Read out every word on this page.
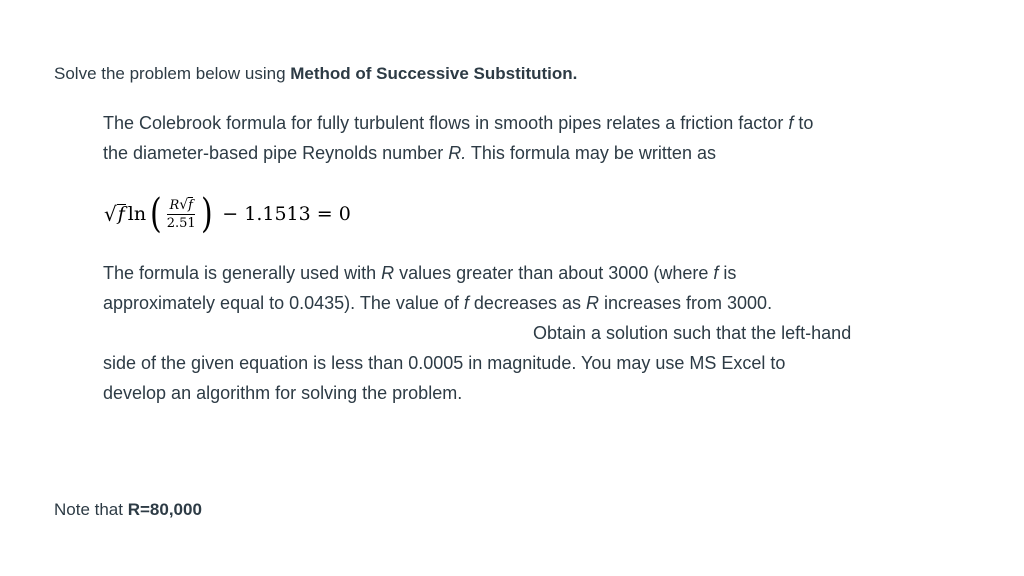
Solve the problem below using Method of Successive Substitution.
The Colebrook formula for fully turbulent flows in smooth pipes relates a friction factor f to
the diameter-based pipe Reynolds number R. This formula may be written as
√ f ln ( $\frac{R √ f}{2.51}$ ) − 1.1513 = 0
The formula is generally used with R values greater than about 3000 (where f is
approximately equal to 0.0435). The value of f decreases as R increases from 3000.
Obtain a solution such that the left-hand
side of the given equation is less than 0.0005 in magnitude. You may use MS Excel to
develop an algorithm for solving the problem.
Note that R=80,000
